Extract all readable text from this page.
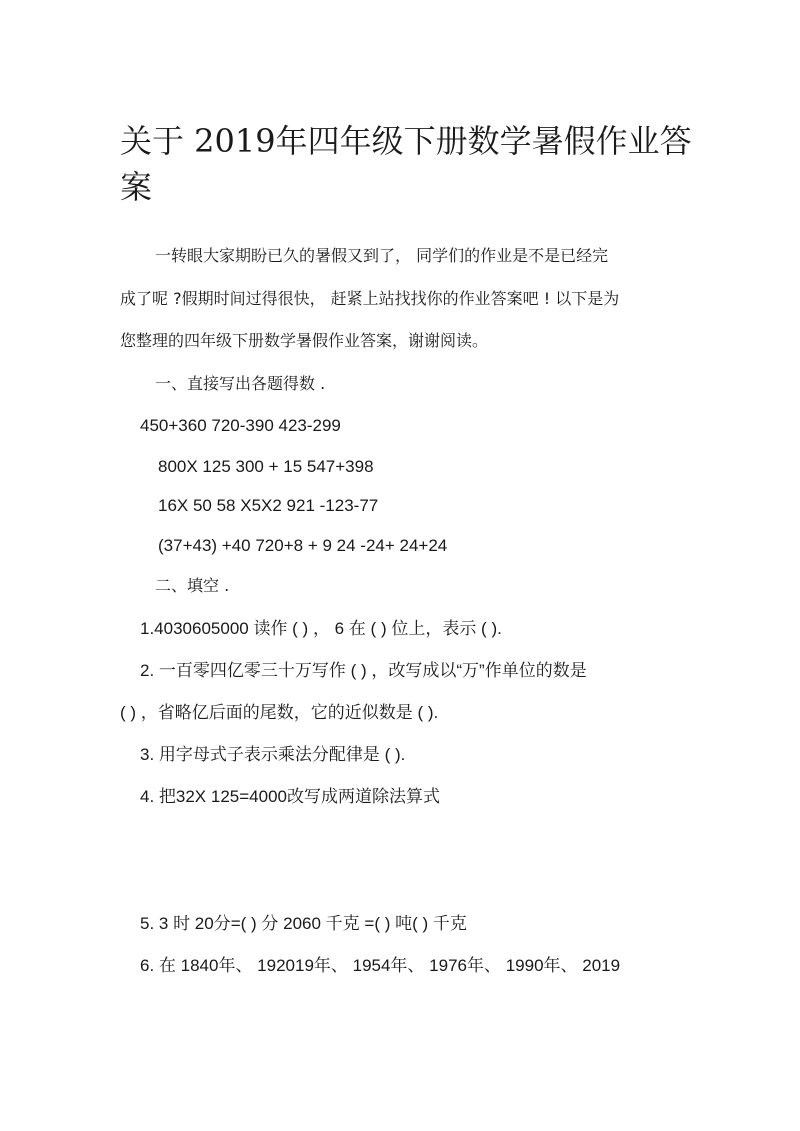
关于 2019年四年级下册数学暑假作业答案
一转眼大家期盼已久的暑假又到了， 同学们的作业是不是已经完
成了呢 ?假期时间过得很快， 赶紧上站找找你的作业答案吧 ! 以下是为
您整理的四年级下册数学暑假作业答案，谢谢阅读。
一、直接写出各题得数 .
450+360 720-390 423-299
800X 125 300 + 15 547+398
16X 50 58 X5X2 921 -123-77
(37+43) +40 720+8 + 9 24 -24+ 24+24
二、填空 .
1.4030605000 读作 ( ) ， 6 在 ( ) 位上，表示 ( ).
2. 一百零四亿零三十万写作 ( ) ，改写成以“万”作单位的数是
( ) ，省略亿后面的尾数，它的近似数是 ( ).
3. 用字母式子表示乘法分配律是 ( ).
4. 把32X 125=4000改写成两道除法算式
5. 3 时 20分=( ) 分 2060 千克 =( ) 吨( ) 千克
6. 在 1840年、 192019年、 1954年、 1976年、 1990年、 2019
